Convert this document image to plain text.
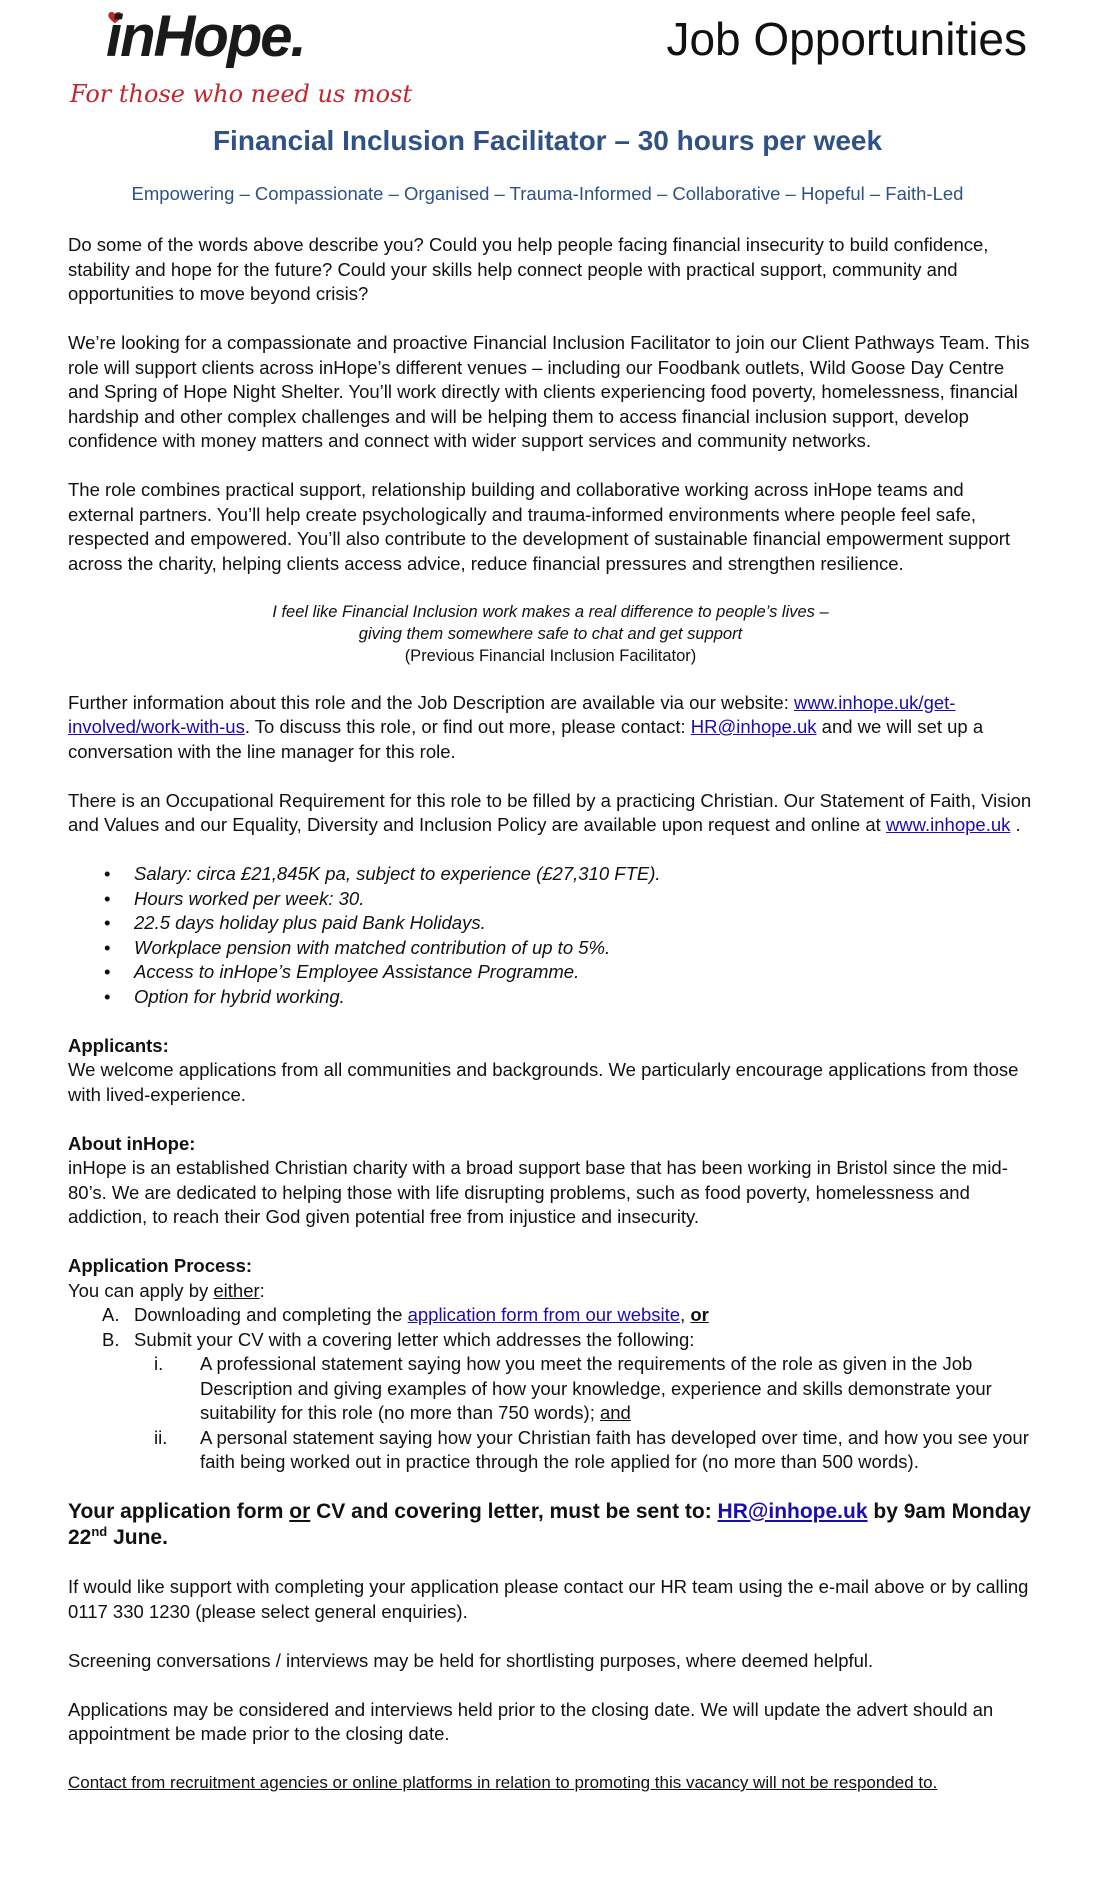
inHope.
For those who need us most
Job Opportunities
Financial Inclusion Facilitator – 30 hours per week
Empowering – Compassionate – Organised – Trauma-Informed – Collaborative – Hopeful – Faith-Led

Do some of the words above describe you? Could you help people facing financial insecurity to build confidence, stability and hope for the future? Could your skills help connect people with practical support, community and opportunities to move beyond crisis?

We’re looking for a compassionate and proactive Financial Inclusion Facilitator to join our Client Pathways Team. This role will support clients across inHope’s different venues – including our Foodbank outlets, Wild Goose Day Centre and Spring of Hope Night Shelter. You’ll work directly with clients experiencing food poverty, homelessness, financial hardship and other complex challenges and will be helping them to access financial inclusion support, develop confidence with money matters and connect with wider support services and community networks.

The role combines practical support, relationship building and collaborative working across inHope teams and external partners. You’ll help create psychologically and trauma-informed environments where people feel safe, respected and empowered. You’ll also contribute to the development of sustainable financial empowerment support across the charity, helping clients access advice, reduce financial pressures and strengthen resilience.

I feel like Financial Inclusion work makes a real difference to people’s lives –
giving them somewhere safe to chat and get support
(Previous Financial Inclusion Facilitator)

Further information about this role and the Job Description are available via our website: www.inhope.uk/get-involved/work-with-us. To discuss this role, or find out more, please contact: HR@inhope.uk and we will set up a conversation with the line manager for this role.

There is an Occupational Requirement for this role to be filled by a practicing Christian. Our Statement of Faith, Vision and Values and our Equality, Diversity and Inclusion Policy are available upon request and online at www.inhope.uk .

• Salary: circa £21,845K pa, subject to experience (£27,310 FTE).
• Hours worked per week: 30.
• 22.5 days holiday plus paid Bank Holidays.
• Workplace pension with matched contribution of up to 5%.
• Access to inHope’s Employee Assistance Programme.
• Option for hybrid working.

Applicants:
We welcome applications from all communities and backgrounds. We particularly encourage applications from those with lived-experience.

About inHope:
inHope is an established Christian charity with a broad support base that has been working in Bristol since the mid-80’s. We are dedicated to helping those with life disrupting problems, such as food poverty, homelessness and addiction, to reach their God given potential free from injustice and insecurity.

Application Process:
You can apply by either:
A. Downloading and completing the application form from our website, or
B. Submit your CV with a covering letter which addresses the following:
i. A professional statement saying how you meet the requirements of the role as given in the Job Description and giving examples of how your knowledge, experience and skills demonstrate your suitability for this role (no more than 750 words); and
ii. A personal statement saying how your Christian faith has developed over time, and how you see your faith being worked out in practice through the role applied for (no more than 500 words).

Your application form or CV and covering letter, must be sent to: HR@inhope.uk by 9am Monday 22nd June.

If would like support with completing your application please contact our HR team using the e-mail above or by calling 0117 330 1230 (please select general enquiries).

Screening conversations / interviews may be held for shortlisting purposes, where deemed helpful.

Applications may be considered and interviews held prior to the closing date. We will update the advert should an appointment be made prior to the closing date.

Contact from recruitment agencies or online platforms in relation to promoting this vacancy will not be responded to.
